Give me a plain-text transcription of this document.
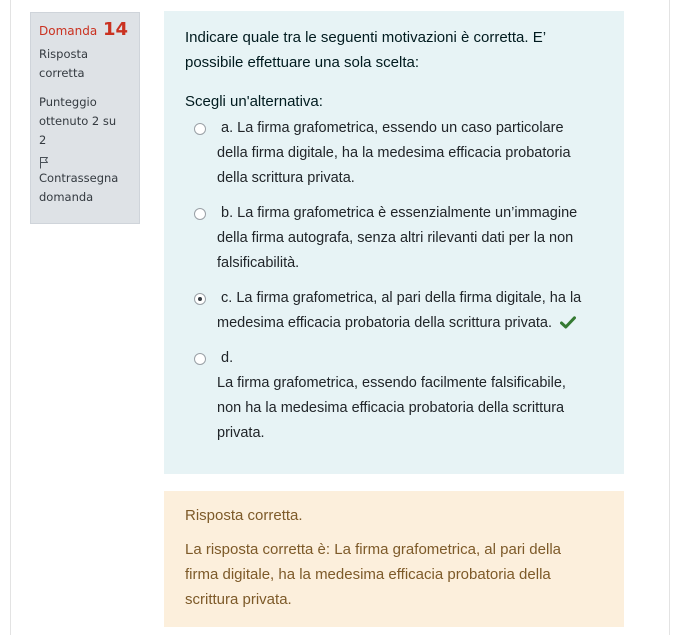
Domanda 14
Risposta
corretta
Punteggio
ottenuto 2 su
2
Contrassegna
domanda
Indicare quale tra le seguenti motivazioni è corretta. E’
possibile effettuare una sola scelta:
Scegli un'alternativa:
a. La firma grafometrica, essendo un caso particolare
della firma digitale, ha la medesima efficacia probatoria
della scrittura privata.
b. La firma grafometrica è essenzialmente un’immagine
della firma autografa, senza altri rilevanti dati per la non
falsificabilità.
c. La firma grafometrica, al pari della firma digitale, ha la
medesima efficacia probatoria della scrittura privata.
d.
La firma grafometrica, essendo facilmente falsificabile,
non ha la medesima efficacia probatoria della scrittura
privata.
Risposta corretta.
La risposta corretta è: La firma grafometrica, al pari della
firma digitale, ha la medesima efficacia probatoria della
scrittura privata.
